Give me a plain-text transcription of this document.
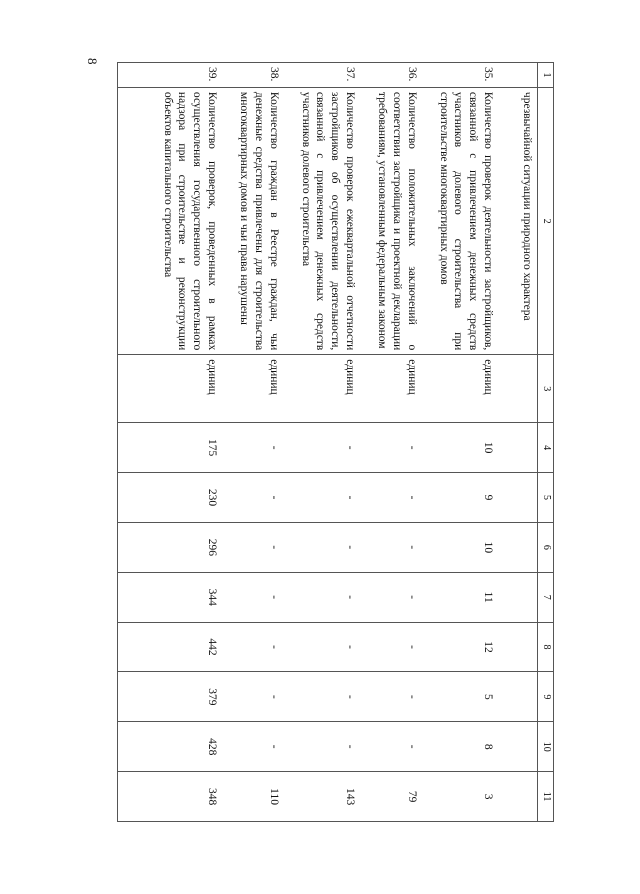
8
1	2	3	4	5	6	7	8	9	10	11
	чрезвычайной ситуации природного характера									
35.	Количество проверок деятельности застройщиков, связанной с привлечением денежных средств участников долевого строительства при строительстве многоквартирных домов	единиц	10	9	10	11	12	5	8	3
36.	Количество положительных заключений о соответствии застройщика и проектной декларации требованиям, установленным федеральным законом	единиц	-	-	-	-	-	-	-	79
37.	Количество проверок ежеквартальной отчетности застройщиков об осуществлении деятельности, связанной с привлечением денежных средств участников долевого строительства	единиц	-	-	-	-	-	-	-	143
38.	Количество граждан в Реестре граждан, чьи денежные средства привлечены для строительства многоквартирных домов и чьи права нарушены	единиц	-	-	-	-	-	-	-	110
39.	Количество проверок, проведенных в рамках осуществления государственного строительного надзора при строительстве и реконструкции объектов капитального строительства	единиц	175	230	296	344	442	379	428	348
